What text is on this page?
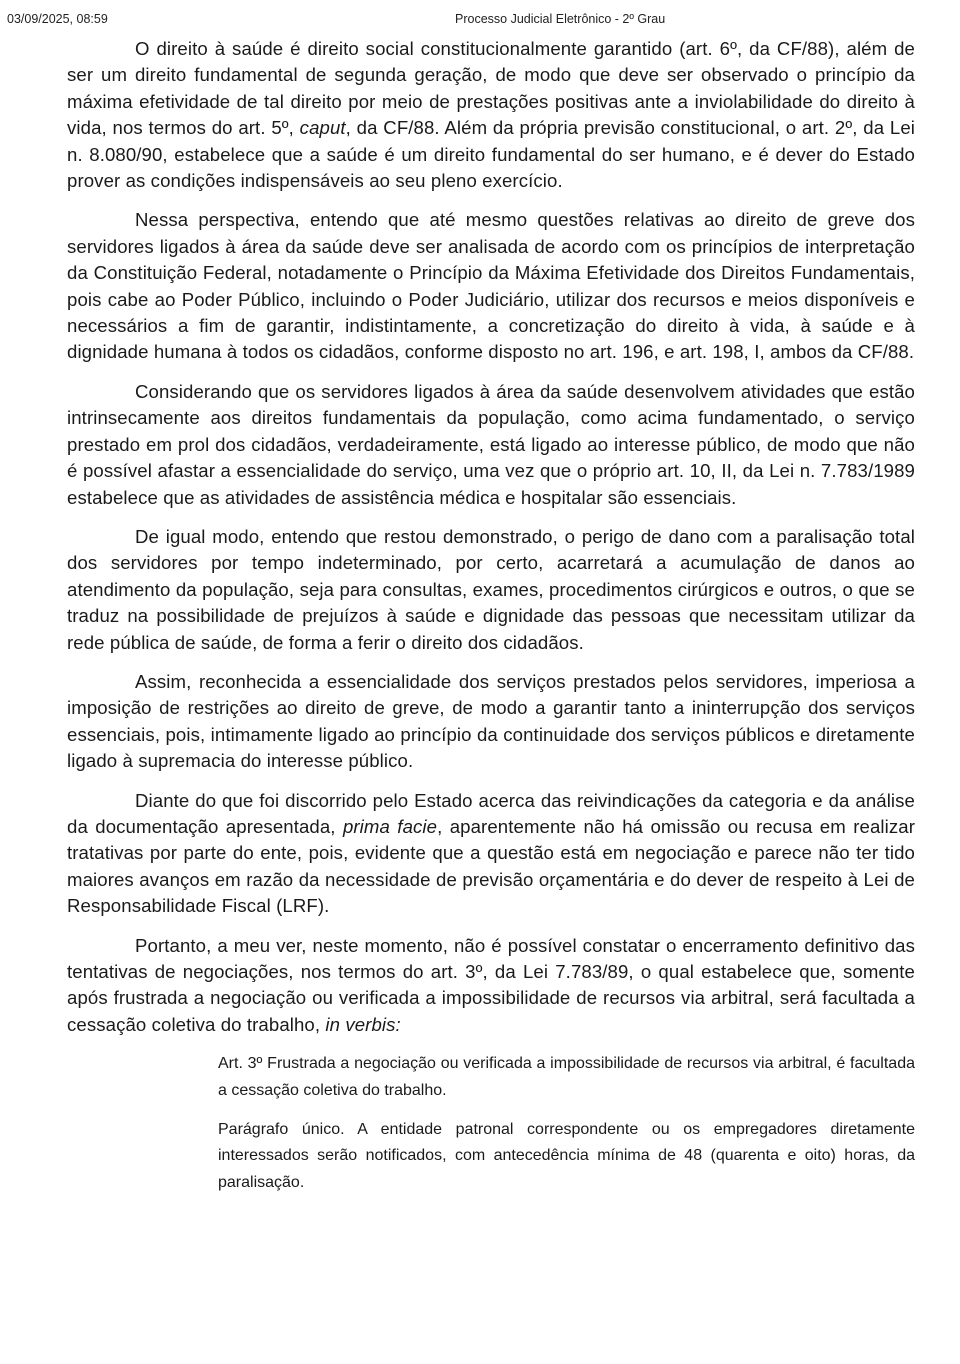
03/09/2025, 08:59	Processo Judicial Eletrônico - 2º Grau

O direito à saúde é direito social constitucionalmente garantido (art. 6º, da CF/88), além de ser um direito fundamental de segunda geração, de modo que deve ser observado o princípio da máxima efetividade de tal direito por meio de prestações positivas ante a inviolabilidade do direito à vida, nos termos do art. 5º, caput, da CF/88. Além da própria previsão constitucional, o art. 2º, da Lei n. 8.080/90, estabelece que a saúde é um direito fundamental do ser humano, e é dever do Estado prover as condições indispensáveis ao seu pleno exercício.

Nessa perspectiva, entendo que até mesmo questões relativas ao direito de greve dos servidores ligados à área da saúde deve ser analisada de acordo com os princípios de interpretação da Constituição Federal, notadamente o Princípio da Máxima Efetividade dos Direitos Fundamentais, pois cabe ao Poder Público, incluindo o Poder Judiciário, utilizar dos recursos e meios disponíveis e necessários a fim de garantir, indistintamente, a concretização do direito à vida, à saúde e à dignidade humana à todos os cidadãos, conforme disposto no art. 196, e art. 198, I, ambos da CF/88.

Considerando que os servidores ligados à área da saúde desenvolvem atividades que estão intrinsecamente aos direitos fundamentais da população, como acima fundamentado, o serviço prestado em prol dos cidadãos, verdadeiramente, está ligado ao interesse público, de modo que não é possível afastar a essencialidade do serviço, uma vez que o próprio art. 10, II, da Lei n. 7.783/1989 estabelece que as atividades de assistência médica e hospitalar são essenciais.

De igual modo, entendo que restou demonstrado, o perigo de dano com a paralisação total dos servidores por tempo indeterminado, por certo, acarretará a acumulação de danos ao atendimento da população, seja para consultas, exames, procedimentos cirúrgicos e outros, o que se traduz na possibilidade de prejuízos à saúde e dignidade das pessoas que necessitam utilizar da rede pública de saúde, de forma a ferir o direito dos cidadãos.

Assim, reconhecida a essencialidade dos serviços prestados pelos servidores, imperiosa a imposição de restrições ao direito de greve, de modo a garantir tanto a ininterrupção dos serviços essenciais, pois, intimamente ligado ao princípio da continuidade dos serviços públicos e diretamente ligado à supremacia do interesse público.

Diante do que foi discorrido pelo Estado acerca das reivindicações da categoria e da análise da documentação apresentada, prima facie, aparentemente não há omissão ou recusa em realizar tratativas por parte do ente, pois, evidente que a questão está em negociação e parece não ter tido maiores avanços em razão da necessidade de previsão orçamentária e do dever de respeito à Lei de Responsabilidade Fiscal (LRF).

Portanto, a meu ver, neste momento, não é possível constatar o encerramento definitivo das tentativas de negociações, nos termos do art. 3º, da Lei 7.783/89, o qual estabelece que, somente após frustrada a negociação ou verificada a impossibilidade de recursos via arbitral, será facultada a cessação coletiva do trabalho, in verbis:

Art. 3º Frustrada a negociação ou verificada a impossibilidade de recursos via arbitral, é facultada a cessação coletiva do trabalho.

Parágrafo único. A entidade patronal correspondente ou os empregadores diretamente interessados serão notificados, com antecedência mínima de 48 (quarenta e oito) horas, da paralisação.
